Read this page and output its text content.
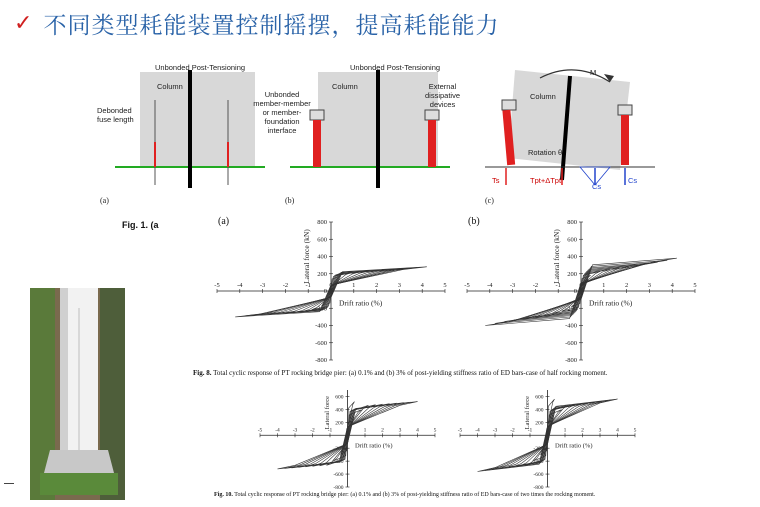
✓ 不同类型耗能装置控制摇摆，提高耗能能力
Unbonded Post-Tensioning
Column
Debonded fuse length
(a)
Unbonded Post-Tensioning
Column
Unbonded member-member or member-foundation interface
External dissipative devices
(b)
M
Column
Rotation θ
Ts	Tpt+ΔTpt
Cs
Cs
(c)
Fig. 1. (a	(a)	(b)
-5	-4	-3	-2	-1	0	1	2	3	4	5
800
600
400
200
0
-200
-400
-600
-800
Drift ratio (%)
Lateral force (kN)
-5	-4	-3	-2	-1	0	1	2	3	4	5
800
600
400
200
0
-200
-400
-600
-800
Drift ratio (%)
Lateral force (kN)
Fig. 8. Total cyclic response of PT rocking bridge pier: (a) 0.1% and (b) 3% of post-yielding stiffness ratio of ED bars-case of half rocking moment.
-5 -4 -3 -2 -1	0	1	2	3	4	5
600
400
200
-200
-400
-600
-800
Drift ratio (%)
Lateral force
-5 -4 -3 -2 -1	0	1	2	3	4	5
600
400
200
-200
-400
-600
-800
Drift ratio (%)
Lateral force
Fig. 10. Total cyclic response of PT rocking bridge pier: (a) 0.1% and (b) 3% of post-yielding stiffness ratio of ED bars-case of two times the rocking moment.
